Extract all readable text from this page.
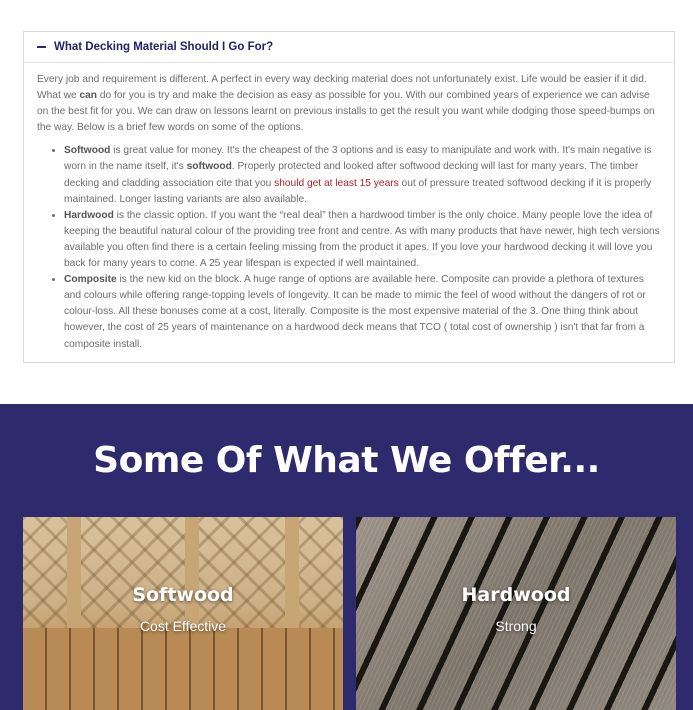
What Decking Material Should I Go For?

Every job and requirement is different. A perfect in every way decking material does not unfortunately exist. Life would be easier if it did. What we can do for you is try and make the decision as easy as possible for you. With our combined years of experience we can advise on the best fit for you. We can draw on lessons learnt on previous installs to get the result you want while dodging those speed-bumps on the way. Below is a brief few words on some of the options.

• Softwood is great value for money. It's the cheapest of the 3 options and is easy to manipulate and work with. It's main negative is worn in the name itself, it's softwood. Properly protected and looked after softwood decking will last for many years. The timber decking and cladding association cite that you should get at least 15 years out of pressure treated softwood decking if it is properly maintained. Longer lasting variants are also available.
• Hardwood is the classic option. If you want the “real deal” then a hardwood timber is the only choice. Many people love the idea of keeping the beautiful natural colour of the providing tree front and centre. As with many products that have newer, high tech versions available you often find there is a certain feeling missing from the product it apes. If you love your hardwood decking it will love you back for many years to come. A 25 year lifespan is expected if well maintained.
• Composite is the new kid on the block. A huge range of options are available here. Composite can provide a plethora of textures and colours while offering range-topping levels of longevity. It can be made to mimic the feel of wood without the dangers of rot or colour-loss. All these bonuses come at a cost, literally. Composite is the most expensive material of the 3. One thing think about however, the cost of 25 years of maintenance on a hardwood deck means that TCO ( total cost of ownership ) isn't that far from a composite install.
Some Of What We Offer...
Softwood
Cost Effective
Hardwood
Strong
